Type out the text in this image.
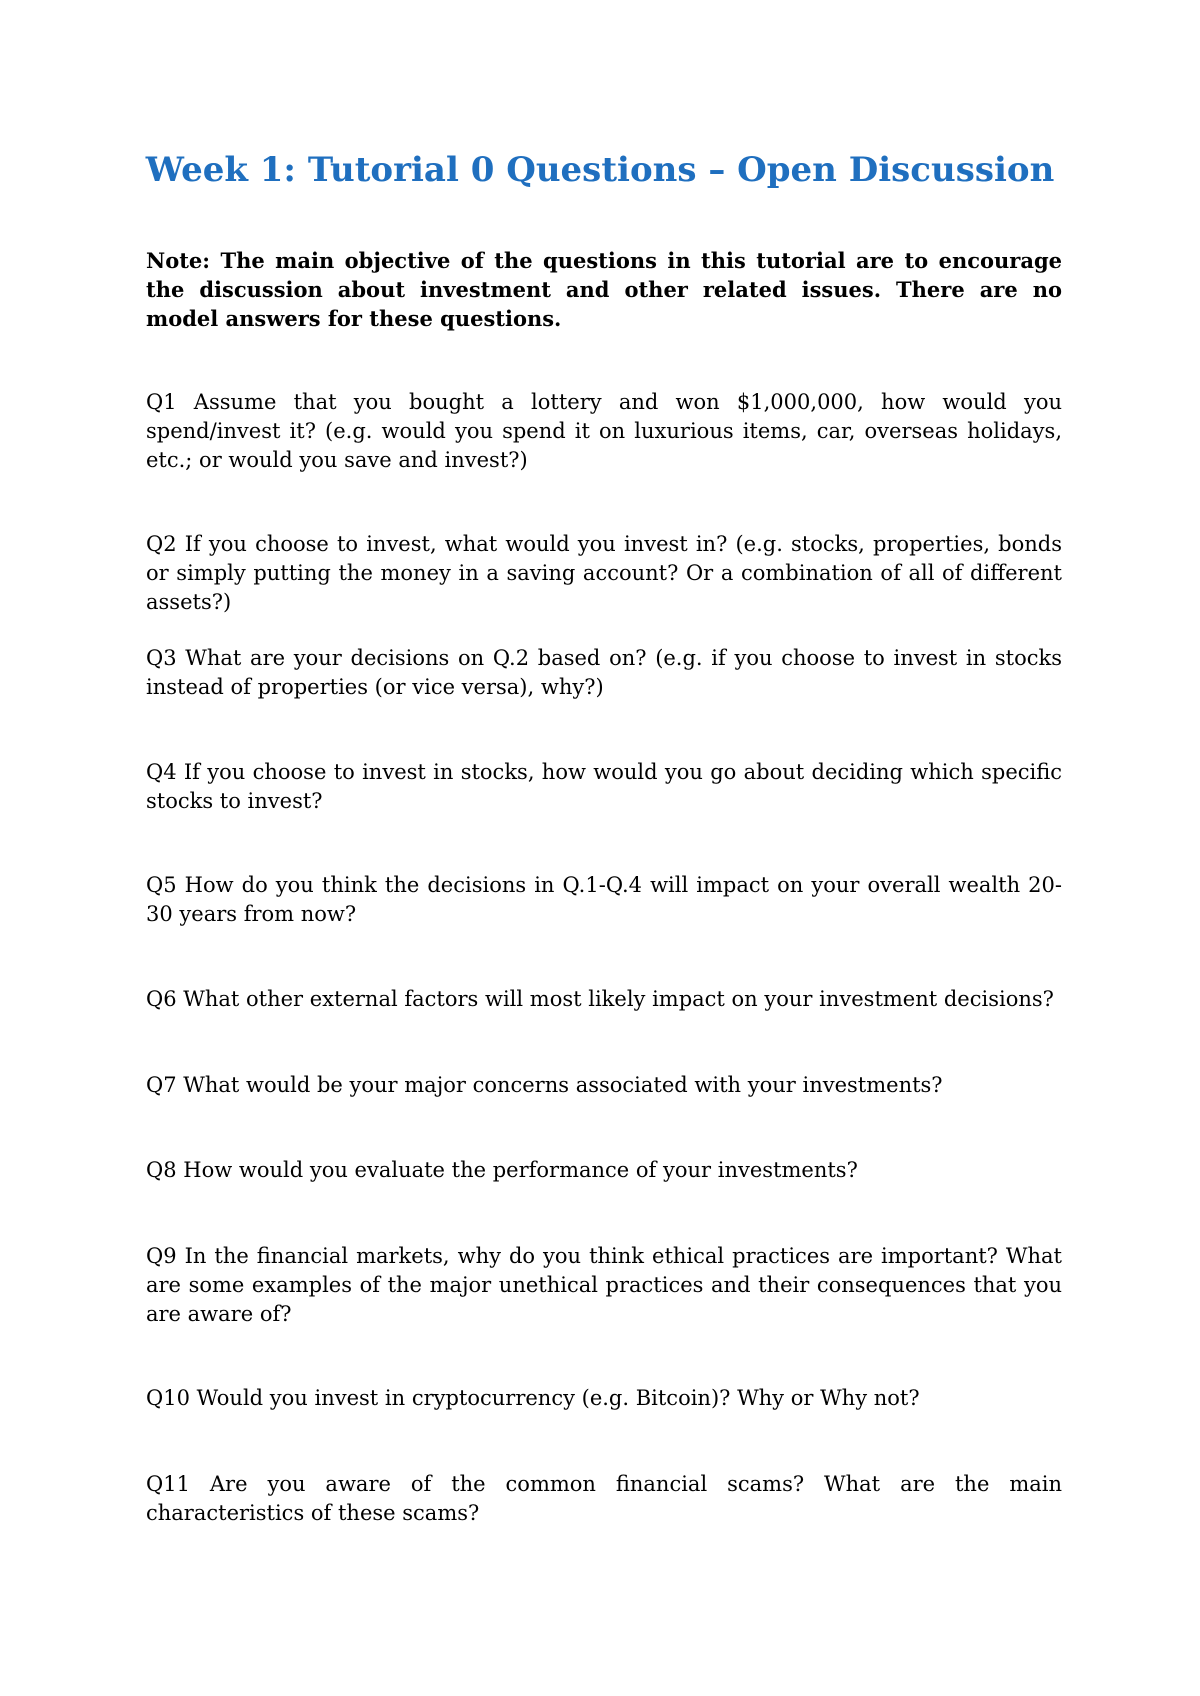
Week 1: Tutorial 0 Questions – Open Discussion

Note: The main objective of the questions in this tutorial are to encourage the discussion about investment and other related issues. There are no model answers for these questions.

Q1 Assume that you bought a lottery and won $1,000,000, how would you spend/invest it? (e.g. would you spend it on luxurious items, car, overseas holidays, etc.; or would you save and invest?)

Q2 If you choose to invest, what would you invest in? (e.g. stocks, properties, bonds or simply putting the money in a saving account? Or a combination of all of different assets?)

Q3 What are your decisions on Q.2 based on? (e.g. if you choose to invest in stocks instead of properties (or vice versa), why?)

Q4 If you choose to invest in stocks, how would you go about deciding which specific stocks to invest?

Q5 How do you think the decisions in Q.1-Q.4 will impact on your overall wealth 20-30 years from now?

Q6 What other external factors will most likely impact on your investment decisions?

Q7 What would be your major concerns associated with your investments?

Q8 How would you evaluate the performance of your investments?

Q9 In the financial markets, why do you think ethical practices are important? What are some examples of the major unethical practices and their consequences that you are aware of?

Q10 Would you invest in cryptocurrency (e.g. Bitcoin)? Why or Why not?

Q11 Are you aware of the common financial scams? What are the main characteristics of these scams?
